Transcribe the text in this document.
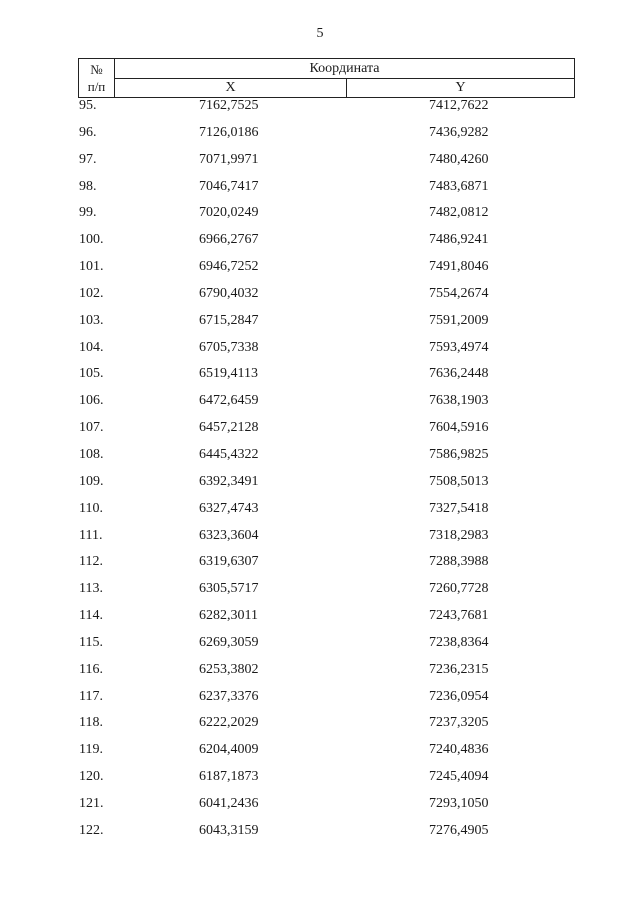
5
№
п/п
Координата
X	Y
95.	7162,7525	7412,7622
96.	7126,0186	7436,9282
97.	7071,9971	7480,4260
98.	7046,7417	7483,6871
99.	7020,0249	7482,0812
100.	6966,2767	7486,9241
101.	6946,7252	7491,8046
102.	6790,4032	7554,2674
103.	6715,2847	7591,2009
104.	6705,7338	7593,4974
105.	6519,4113	7636,2448
106.	6472,6459	7638,1903
107.	6457,2128	7604,5916
108.	6445,4322	7586,9825
109.	6392,3491	7508,5013
110.	6327,4743	7327,5418
111.	6323,3604	7318,2983
112.	6319,6307	7288,3988
113.	6305,5717	7260,7728
114.	6282,3011	7243,7681
115.	6269,3059	7238,8364
116.	6253,3802	7236,2315
117.	6237,3376	7236,0954
118.	6222,2029	7237,3205
119.	6204,4009	7240,4836
120.	6187,1873	7245,4094
121.	6041,2436	7293,1050
122.	6043,3159	7276,4905
